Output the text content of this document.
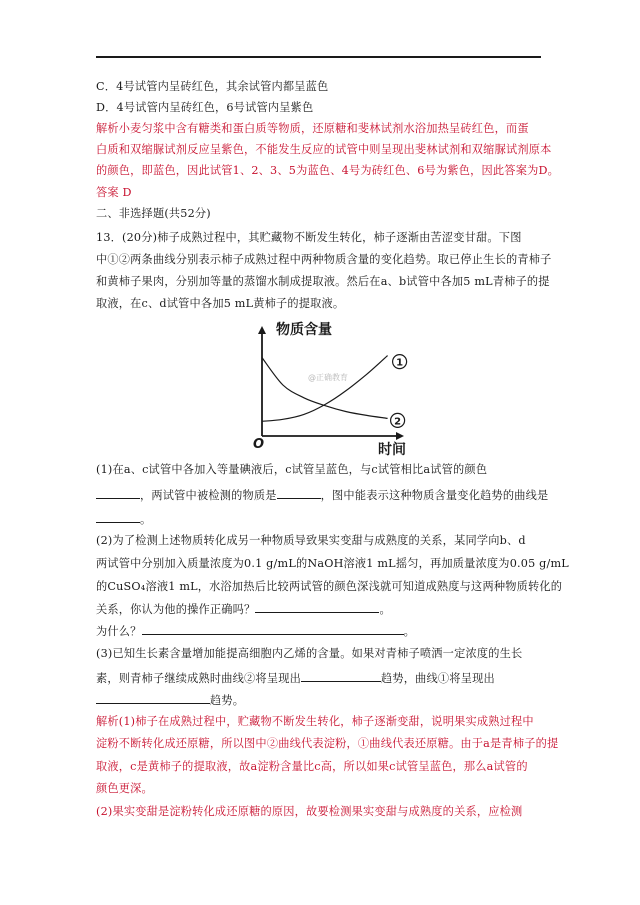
C．4号试管内呈砖红色，其余试管内都呈蓝色
D．4号试管内呈砖红色，6号试管内呈紫色
解析小麦匀浆中含有糖类和蛋白质等物质，还原糖和斐林试剂水浴加热呈砖红色，而蛋
白质和双缩脲试剂反应呈紫色，不能发生反应的试管中则呈现出斐林试剂和双缩脲试剂原本
的颜色，即蓝色，因此试管1、2、3、5为蓝色、4号为砖红色、6号为紫色，因此答案为D。
答案 D
二、非选择题(共52分)
13．(20分)柿子成熟过程中，其贮藏物不断发生转化，柿子逐渐由苦涩变甘甜。下图
中①②两条曲线分别表示柿子成熟过程中两种物质含量的变化趋势。取已停止生长的青柿子
和黄柿子果肉，分别加等量的蒸馏水制成提取液。然后在a、b试管中各加5 mL青柿子的提
取液，在c、d试管中各加5 mL黄柿子的提取液。
物质含量
时间
O
@正确教育
1
2
(1)在a、c试管中各加入等量碘液后，c试管呈蓝色，与c试管相比a试管的颜色
，两试管中被检测的物质是	，图中能表示这种物质含量变化趋势的曲线是
。
(2)为了检测上述物质转化成另一种物质导致果实变甜与成熟度的关系，某同学向b、d
两试管中分别加入质量浓度为0.1 g/mL的NaOH溶液1 mL摇匀，再加质量浓度为0.05 g/mL
的CuSO₄溶液1 mL，水浴加热后比较两试管的颜色深浅就可知道成熟度与这两种物质转化的
关系，你认为他的操作正确吗？	。
为什么？	。
(3)已知生长素含量增加能提高细胞内乙烯的含量。如果对青柿子喷洒一定浓度的生长
素，则青柿子继续成熟时曲线②将呈现出	趋势，曲线①将呈现出
趋势。
解析(1)柿子在成熟过程中，贮藏物不断发生转化，柿子逐渐变甜，说明果实成熟过程中
淀粉不断转化成还原糖，所以图中②曲线代表淀粉，①曲线代表还原糖。由于a是青柿子的提
取液，c是黄柿子的提取液，故a淀粉含量比c高，所以如果c试管呈蓝色，那么a试管的
颜色更深。
(2)果实变甜是淀粉转化成还原糖的原因，故要检测果实变甜与成熟度的关系，应检测
